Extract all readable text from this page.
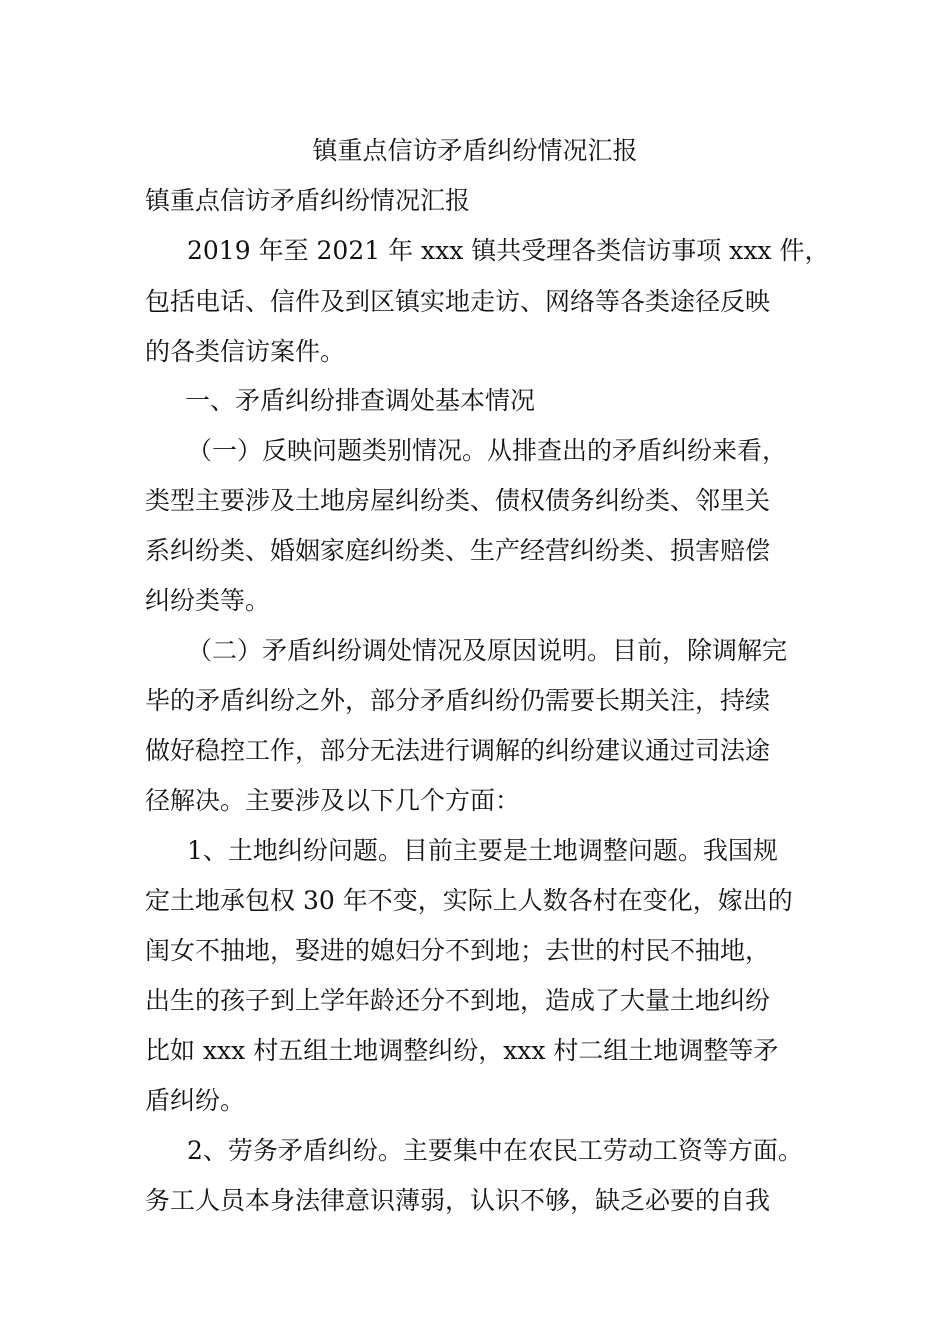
镇重点信访矛盾纠纷情况汇报
镇重点信访矛盾纠纷情况汇报
2019 年至 2021 年 xxx 镇共受理各类信访事项 xxx 件，
包括电话、信件及到区镇实地走访、网络等各类途径反映
的各类信访案件。
一、矛盾纠纷排查调处基本情况
（一）反映问题类别情况。从排查出的矛盾纠纷来看，
类型主要涉及土地房屋纠纷类、债权债务纠纷类、邻里关
系纠纷类、婚姻家庭纠纷类、生产经营纠纷类、损害赔偿
纠纷类等。
（二）矛盾纠纷调处情况及原因说明。目前，除调解完
毕的矛盾纠纷之外，部分矛盾纠纷仍需要长期关注，持续
做好稳控工作，部分无法进行调解的纠纷建议通过司法途
径解决。主要涉及以下几个方面：
1、土地纠纷问题。目前主要是土地调整问题。我国规
定土地承包权 30 年不变，实际上人数各村在变化，嫁出的
闺女不抽地，娶进的媳妇分不到地；去世的村民不抽地，
出生的孩子到上学年龄还分不到地，造成了大量土地纠纷
比如 xxx 村五组土地调整纠纷，xxx 村二组土地调整等矛
盾纠纷。
2、劳务矛盾纠纷。主要集中在农民工劳动工资等方面。
务工人员本身法律意识薄弱，认识不够，缺乏必要的自我
